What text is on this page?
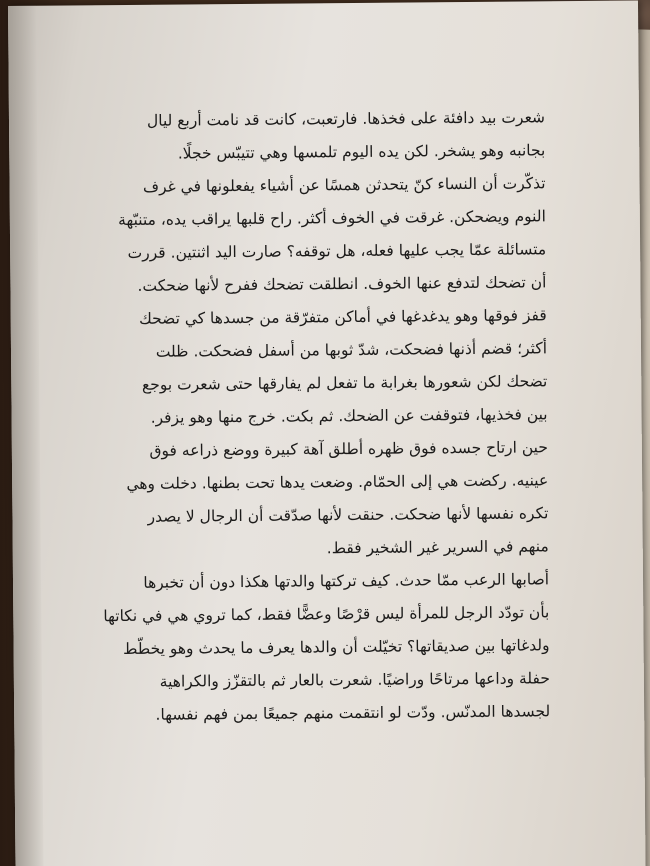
شعرت بيد دافئة على فخذها. فارتعبت، كانت قد نامت أربع ليال
بجانبه وهو يشخر. لكن يده اليوم تلمسها وهي تتيبّس خجلًا.
تذكّرت أن النساء كنّ يتحدثن همسًا عن أشياء يفعلونها في غرف
النوم ويضحكن. غرقت في الخوف أكثر. راح قلبها يراقب يده، متنبّهة
متسائلة عمّا يجب عليها فعله، هل توقفه؟ صارت اليد اثنتين. قررت
أن تضحك لتدفع عنها الخوف. انطلقت تضحك ففرح لأنها ضحكت.
قفز فوقها وهو يدغدغها في أماكن متفرّقة من جسدها كي تضحك
أكثر؛ قضم أذنها فضحكت، شدّ ثوبها من أسفل فضحكت. ظلت
تضحك لكن شعورها بغرابة ما تفعل لم يفارقها حتى شعرت بوجع
بين فخذيها، فتوقفت عن الضحك. ثم بكت. خرج منها وهو يزفر.
حين ارتاح جسده فوق ظهره أطلق آهة كبيرة ووضع ذراعه فوق
عينيه. ركضت هي إلى الحمّام. وضعت يدها تحت بطنها. دخلت وهي
تكره نفسها لأنها ضحكت. حنقت لأنها صدّقت أن الرجال لا يصدر
منهم في السرير غير الشخير فقط.
أصابها الرعب ممّا حدث. كيف تركتها والدتها هكذا دون أن تخبرها
بأن تودّد الرجل للمرأة ليس قرْصًا وعضًّا فقط، كما تروي هي في نكاتها
ولدغاتها بين صديقاتها؟ تخيّلت أن والدها يعرف ما يحدث وهو يخطّط
حفلة وداعها مرتاحًا وراضيًا. شعرت بالعار ثم بالتقزّز والكراهية
لجسدها المدنّس. ودّت لو انتقمت منهم جميعًا بمن فهم نفسها.
